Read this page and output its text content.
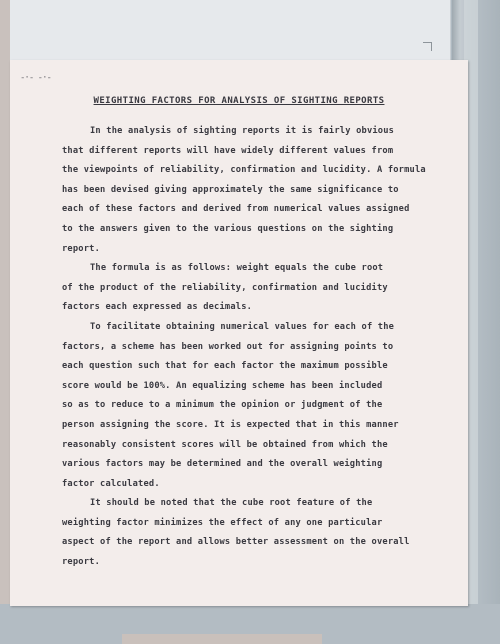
-·- -·-
WEIGHTING FACTORS FOR ANALYSIS OF SIGHTING REPORTS
In the analysis of sighting reports it is fairly obvious
that different reports will have widely different values from
the viewpoints of reliability, confirmation and lucidity. A formula
has been devised giving approximately the same significance to
each of these factors and derived from numerical values assigned
to the answers given to the various questions on the sighting
report.
The formula is as follows: weight equals the cube root
of the product of the reliability, confirmation and lucidity
factors each expressed as decimals.
To facilitate obtaining numerical values for each of the
factors, a scheme has been worked out for assigning points to
each question such that for each factor the maximum possible
score would be 100%. An equalizing scheme has been included
so as to reduce to a minimum the opinion or judgment of the
person assigning the score. It is expected that in this manner
reasonably consistent scores will be obtained from which the
various factors may be determined and the overall weighting
factor calculated.
It should be noted that the cube root feature of the
weighting factor minimizes the effect of any one particular
aspect of the report and allows better assessment on the overall
report.
